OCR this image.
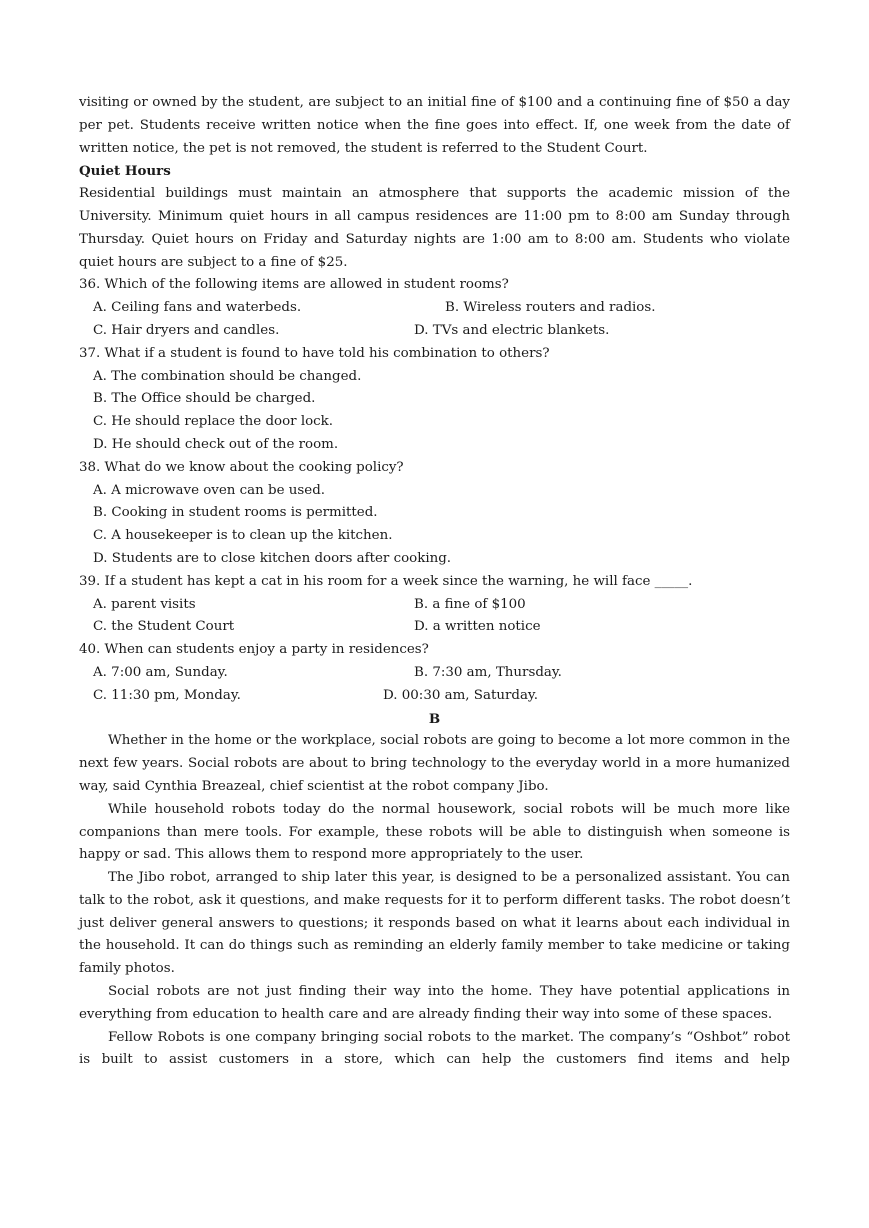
visiting or owned by the student, are subject to an initial fine of $100 and a continuing fine of $50 a day per pet. Students receive written notice when the fine goes into effect. If, one week from the date of written notice, the pet is not removed, the student is referred to the Student Court.

Quiet Hours

Residential buildings must maintain an atmosphere that supports the academic mission of the University. Minimum quiet hours in all campus residences are 11:00 pm to 8:00 am Sunday through Thursday. Quiet hours on Friday and Saturday nights are 1:00 am to 8:00 am. Students who violate quiet hours are subject to a fine of $25.

36. Which of the following items are allowed in student rooms?

A. Ceiling fans and waterbeds.	B. Wireless routers and radios.
C. Hair dryers and candles.	D. TVs and electric blankets.

37. What if a student is found to have told his combination to others?

A. The combination should be changed.

B. The Office should be charged.

C. He should replace the door lock.

D. He should check out of the room.

38. What do we know about the cooking policy?

A. A microwave oven can be used.

B. Cooking in student rooms is permitted.

C. A housekeeper is to clean up the kitchen.

D. Students are to close kitchen doors after cooking.

39. If a student has kept a cat in his room for a week since the warning, he will face _____.

A. parent visits	B. a fine of $100
C. the Student Court	D. a written notice

40. When can students enjoy a party in residences?

A. 7:00 am, Sunday.	B. 7:30 am, Thursday.
C. 11:30 pm, Monday.	D. 00:30 am, Saturday.

B

Whether in the home or the workplace, social robots are going to become a lot more common in the next few years. Social robots are about to bring technology to the everyday world in a more humanized way, said Cynthia Breazeal, chief scientist at the robot company Jibo.

While household robots today do the normal housework, social robots will be much more like companions than mere tools. For example, these robots will be able to distinguish when someone is happy or sad. This allows them to respond more appropriately to the user.

The Jibo robot, arranged to ship later this year, is designed to be a personalized assistant. You can talk to the robot, ask it questions, and make requests for it to perform different tasks. The robot doesn’t just deliver general answers to questions; it responds based on what it learns about each individual in the household. It can do things such as reminding an elderly family member to take medicine or taking family photos.

Social robots are not just finding their way into the home. They have potential applications in everything from education to health care and are already finding their way into some of these spaces.

Fellow Robots is one company bringing social robots to the market. The company’s “Oshbot” robot is built to assist customers in a store, which can help the customers find items and help
